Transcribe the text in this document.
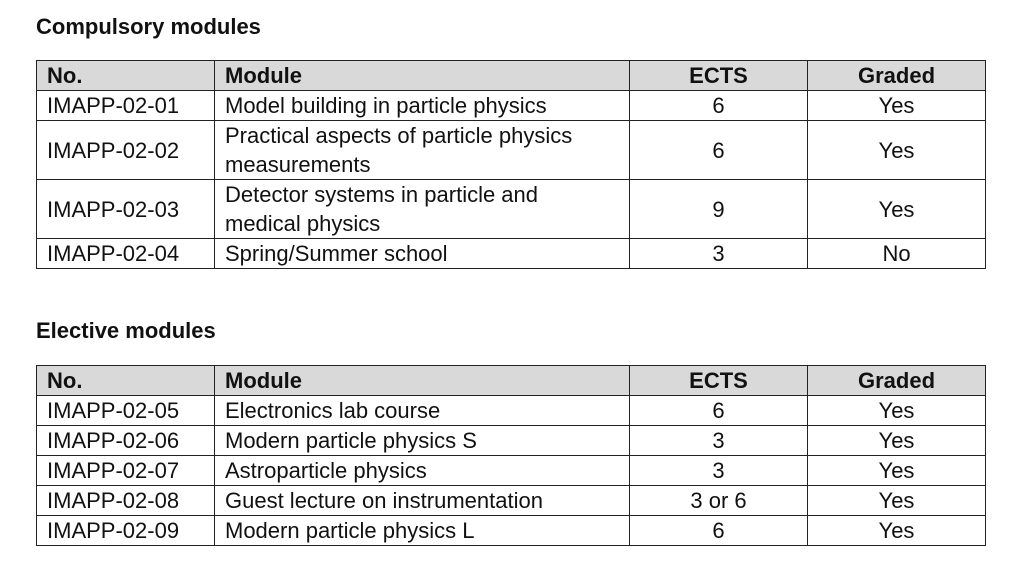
Compulsory modules
No.	Module	ECTS	Graded
IMAPP-02-01	Model building in particle physics	6	Yes
IMAPP-02-02	Practical aspects of particle physics measurements	6	Yes
IMAPP-02-03	Detector systems in particle and medical physics	9	Yes
IMAPP-02-04	Spring/Summer school	3	No
Elective modules
No.	Module	ECTS	Graded
IMAPP-02-05	Electronics lab course	6	Yes
IMAPP-02-06	Modern particle physics S	3	Yes
IMAPP-02-07	Astroparticle physics	3	Yes
IMAPP-02-08	Guest lecture on instrumentation	3 or 6	Yes
IMAPP-02-09	Modern particle physics L	6	Yes
